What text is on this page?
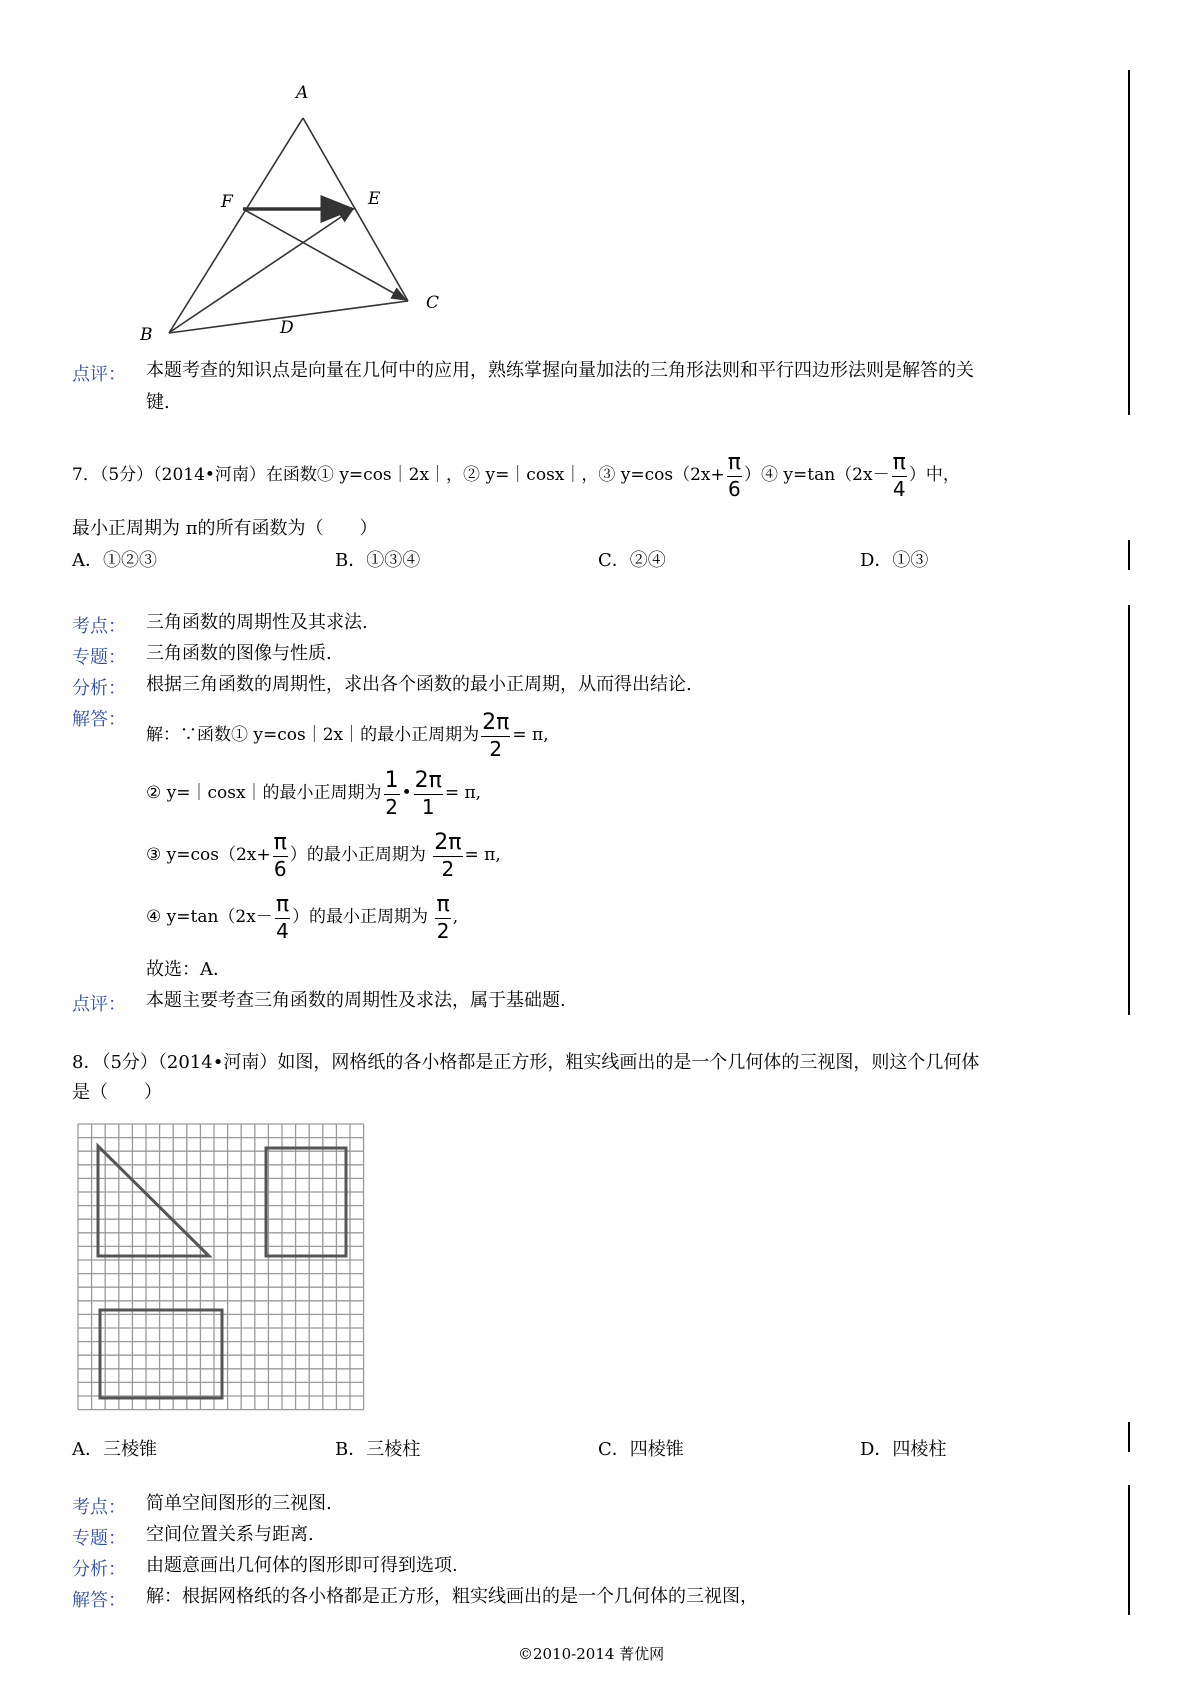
A
F	E
C
B	D
点评： 本题考查的知识点是向量在几何中的应用，熟练掌握向量加法的三角形法则和平行四边形法则是解答的关
键.
7．（5分）（2014•河南）在函数① y=cos｜2x｜，② y=｜cosx｜，③ $y=\cos(2x+ \frac{\pi}{6}$ ）④ $y=\tan(2x- \frac{\pi}{4}$ ）中，
最小正周期为 π的所有函数为（　　）
A．①②③	B．①③④	C．②④	D．①③
考点： 三角函数的周期性及其求法.
专题： 三角函数的图像与性质.
分析： 根据三角函数的周期性，求出各个函数的最小正周期，从而得出结论.
解答：
解：∵函数① y=cos｜2x｜的最小正周期为 $\frac{2\pi}{2} = \pi$,
② y=｜cosx｜的最小正周期为 $\frac{1}{2}$ • $\frac{2\pi}{1} = \pi$,
③ $y=\cos(2x+ \frac{\pi}{6}$ ）的最小正周期为 $\frac{2\pi}{2} = \pi$,
④ $y=\tan(2x- \frac{\pi}{4}$ ）的最小正周期为 $\frac{\pi}{2}$ ,
故选：A．
点评： 本题主要考查三角函数的周期性及求法，属于基础题.
8．（5分）（2014•河南）如图，网格纸的各小格都是正方形，粗实线画出的是一个几何体的三视图，则这个几何体
是（　　）
A．三棱锥	B．三棱柱	C．四棱锥	D．四棱柱
考点： 简单空间图形的三视图.
专题： 空间位置关系与距离.
分析： 由题意画出几何体的图形即可得到选项.
解答： 解：根据网格纸的各小格都是正方形，粗实线画出的是一个几何体的三视图，
©2010-2014 菁优网
